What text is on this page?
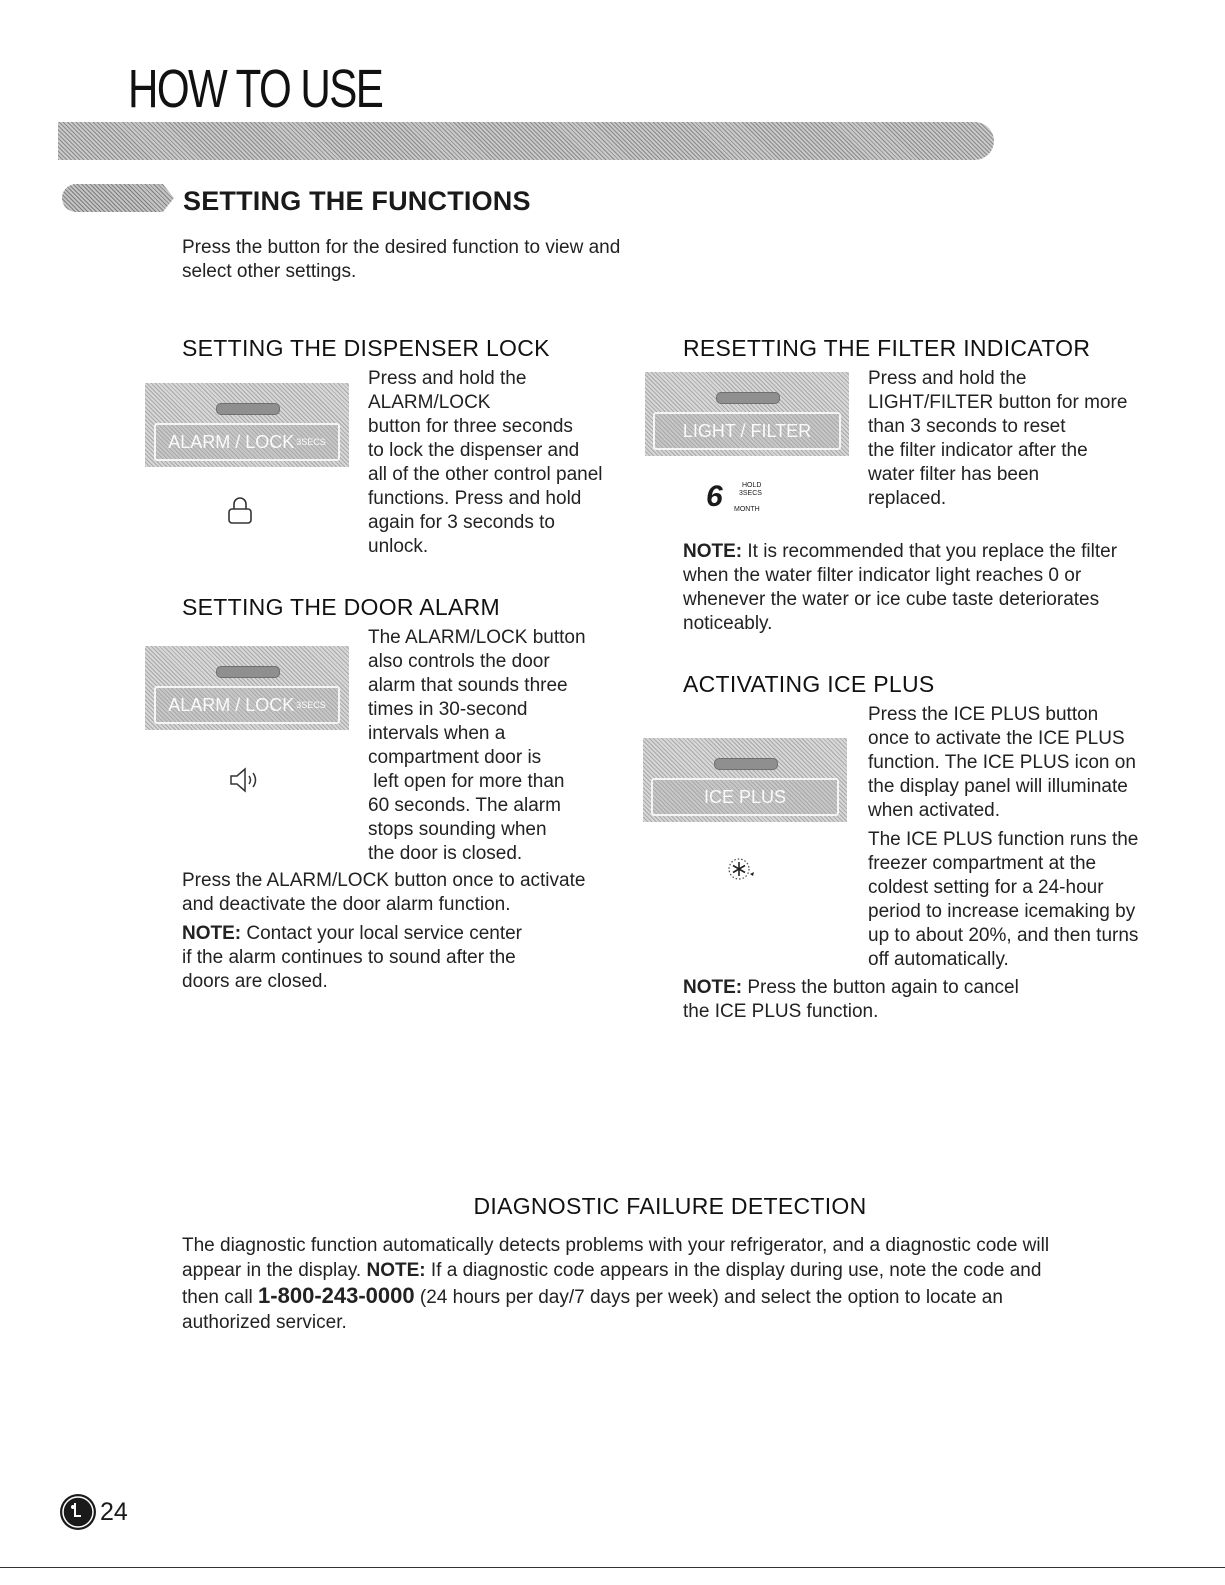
HOW TO USE
SETTING THE FUNCTIONS
Press the button for the desired function to view and
select other settings.
SETTING THE DISPENSER LOCK
ALARM / LOCK 3SECS
Press and hold the
ALARM/LOCK
button for three seconds
to lock the dispenser and
all of the other control panel
functions. Press and hold
again for 3 seconds to
unlock.
SETTING THE DOOR ALARM
ALARM / LOCK 3SECS
The ALARM/LOCK button
also controls the door
alarm that sounds three
times in 30-second
intervals when a
compartment door is
left open for more than
60 seconds. The alarm
stops sounding when
the door is closed.
Press the ALARM/LOCK button once to activate
and deactivate the door alarm function.
NOTE: Contact your local service center
if the alarm continues to sound after the
doors are closed.
RESETTING THE FILTER INDICATOR
LIGHT / FILTER
6	HOLD
3SECS
MONTH
Press and hold the
LIGHT/FILTER button for more
than 3 seconds to reset
the filter indicator after the
water filter has been
replaced.
NOTE: It is recommended that you replace the filter
when the water filter indicator light reaches 0 or
whenever the water or ice cube taste deteriorates
noticeably.
ACTIVATING ICE PLUS
ICE PLUS
Press the ICE PLUS button
once to activate the ICE PLUS
function. The ICE PLUS icon on
the display panel will illuminate
when activated.
The ICE PLUS function runs the
freezer compartment at the
coldest setting for a 24-hour
period to increase icemaking by
up to about 20%, and then turns
off automatically.
NOTE: Press the button again to cancel
the ICE PLUS function.
DIAGNOSTIC FAILURE DETECTION
The diagnostic function automatically detects problems with your refrigerator, and a diagnostic code will
appear in the display. NOTE: If a diagnostic code appears in the display during use, note the code and
then call 1-800-243-0000 (24 hours per day/7 days per week) and select the option to locate an
authorized servicer.
24
